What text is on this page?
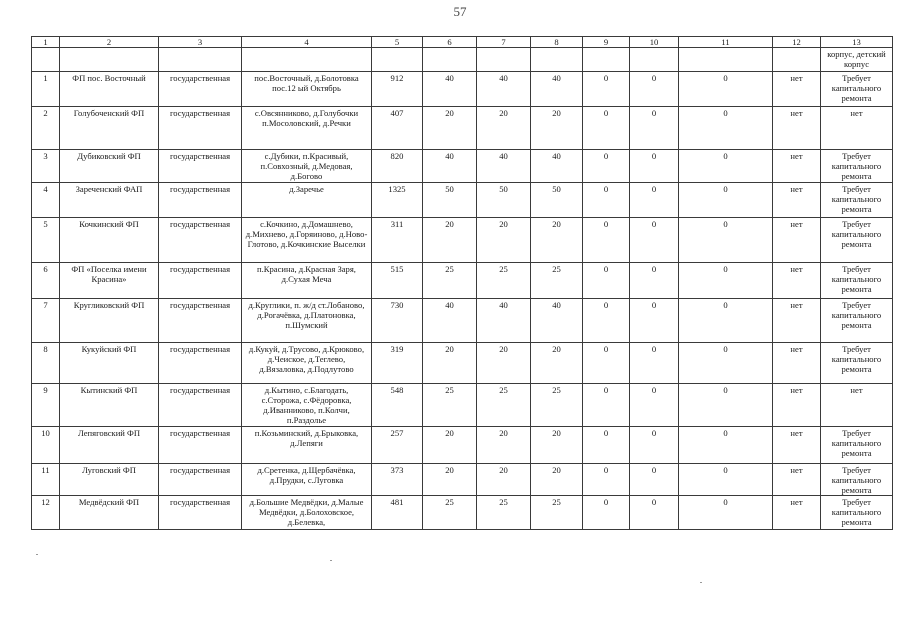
57
1	2	3	4	5	6	7	8	9	10	11	12	13
												корпус, детский корпус
1	ФП пос. Восточный	государственная	пос.Восточный, д.Болотовка пос.12 ый Октябрь	912	40	40	40	0	0	0	нет	Требует капитального ремонта
2	Голубоченский ФП	государственная	с.Овсянниково, д.Голубочки п.Мосоловский, д.Речки	407	20	20	20	0	0	0	нет	нет
3	Дубиковский ФП	государственная	с.Дубики, п.Красивый, п.Совхозный, д.Медовая, д.Богово	820	40	40	40	0	0	0	нет	Требует капитального ремонта
4	Зареченский ФАП	государственная	д.Заречье	1325	50	50	50	0	0	0	нет	Требует капитального ремонта
5	Кочкинский ФП	государственная	с.Кочкино, д.Домашнево, д.Михнево, д.Горяиново, д.Ново-Глотово, д.Кочкинские Выселки	311	20	20	20	0	0	0	нет	Требует капитального ремонта
6	ФП «Поселка имени Красина»	государственная	п.Красина, д.Красная Заря, д.Сухая Меча	515	25	25	25	0	0	0	нет	Требует капитального ремонта
7	Кругликовский ФП	государственная	д.Круглики, п. ж/д ст.Лобаново, д.Рогачёвка, д.Платоновка, п.Шумский	730	40	40	40	0	0	0	нет	Требует капитального ремонта
8	Кукуйский ФП	государственная	д.Кукуй, д.Трусово, д.Крюково, д.Чеиское, д.Теглево, д.Вязаловка, д.Подлутово	319	20	20	20	0	0	0	нет	Требует капитального ремонта
9	Кытинский ФП	государственная	д.Кытино, с.Благодать, с.Сторожа, с.Фёдоровка, д.Иванниково, п.Колчи, п.Раздолье	548	25	25	25	0	0	0	нет	нет
10	Лепяговский ФП	государственная	п.Козьминский, д.Брыковка, д.Лепяги	257	20	20	20	0	0	0	нет	Требует капитального ремонта
11	Луговский ФП	государственная	д.Сретенка, д.Щербачёвка, д.Прудки, с.Луговка	373	20	20	20	0	0	0	нет	Требует капитального ремонта
12	Медвёдский ФП	государственная	д.Большие Медвёдки, д.Малые Медвёдки, д.Болоховское, д.Белевка,	481	25	25	25	0	0	0	нет	Требует капитального ремонта
